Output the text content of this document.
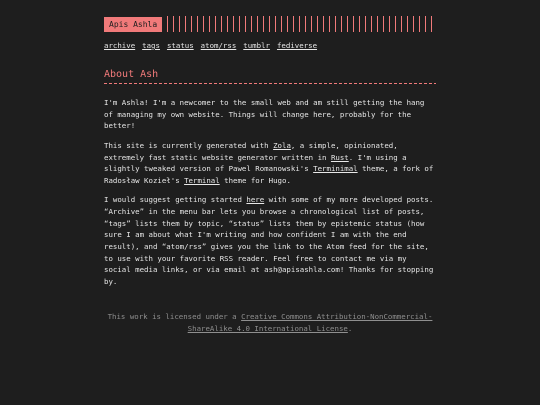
Apis Ashla
archive tags status atom/rss tumblr fediverse
About Ash

I'm Ashla! I'm a newcomer to the small web and am still getting the hang of managing my own website. Things will change here, probably for the better!

This site is currently generated with Zola, a simple, opinionated, extremely fast static website generator written in Rust. I'm using a slightly tweaked version of Pawel Romanowski's Terminimal theme, a fork of Radosław Kozieł's Terminal theme for Hugo.

I would suggest getting started here with some of my more developed posts. “Archive” in the menu bar lets you browse a chronological list of posts, “tags” lists them by topic, “status” lists them by epistemic status (how sure I am about what I'm writing and how confident I am with the end result), and “atom/rss” gives you the link to the Atom feed for the site, to use with your favorite RSS reader. Feel free to contact me via my social media links, or via email at ash@apisashla.com! Thanks for stopping by.

This work is licensed under a Creative Commons Attribution-NonCommercial-ShareAlike 4.0 International License.
